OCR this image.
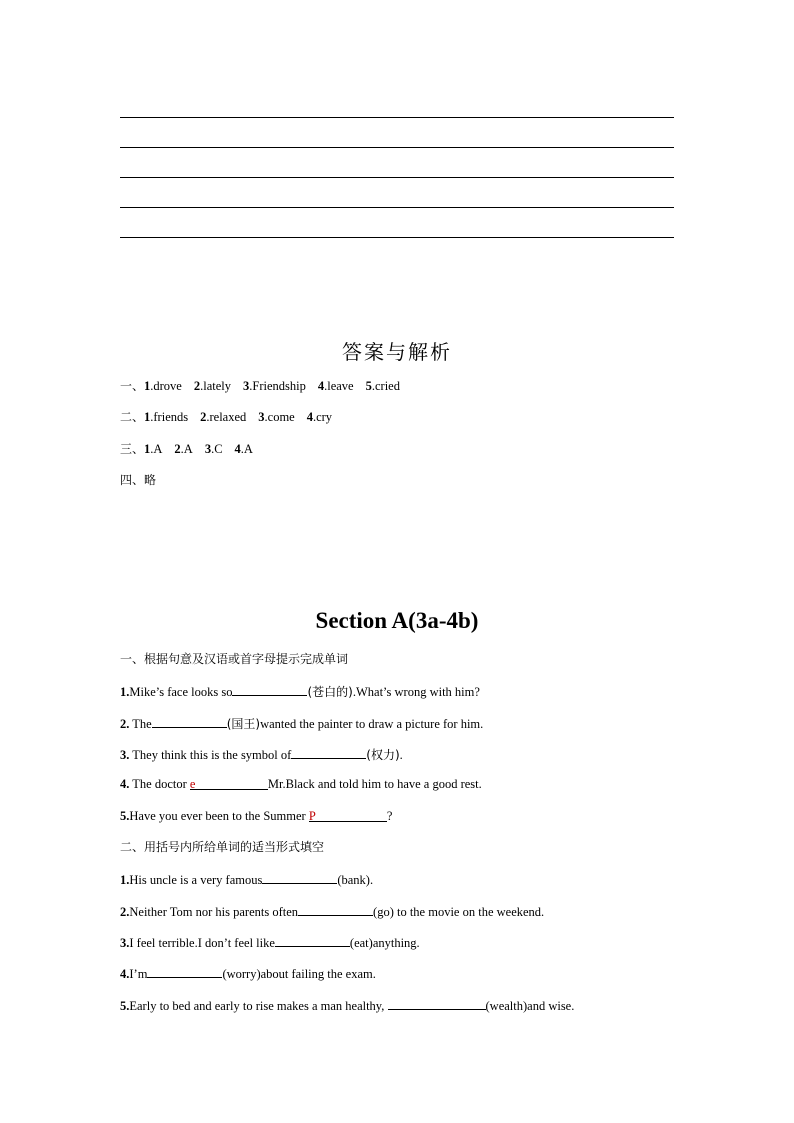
答案与解析
一、1.drove 2.lately 3.Friendship 4.leave 5.cried
二、1.friends 2.relaxed 3.come 4.cry
三、1.A 2.A 3.C 4.A
四、略
Section A(3a-4b)
一、根据句意及汉语或首字母提示完成单词
1.Mike’s face looks so	(苍白的).What’s wrong with him?
2. The	(国王)wanted the painter to draw a picture for him.
3. They think this is the symbol of	(权力).
4. The doctor e	Mr.Black and told him to have a good rest.
5.Have you ever been to the Summer P	?
二、用括号内所给单词的适当形式填空
1.His uncle is a very famous	(bank).
2.Neither Tom nor his parents often	(go) to the movie on the weekend.
3.I feel terrible.I don’t feel like	(eat)anything.
4.I’m	(worry)about failing the exam.
5.Early to bed and early to rise makes a man healthy,	(wealth)and wise.
